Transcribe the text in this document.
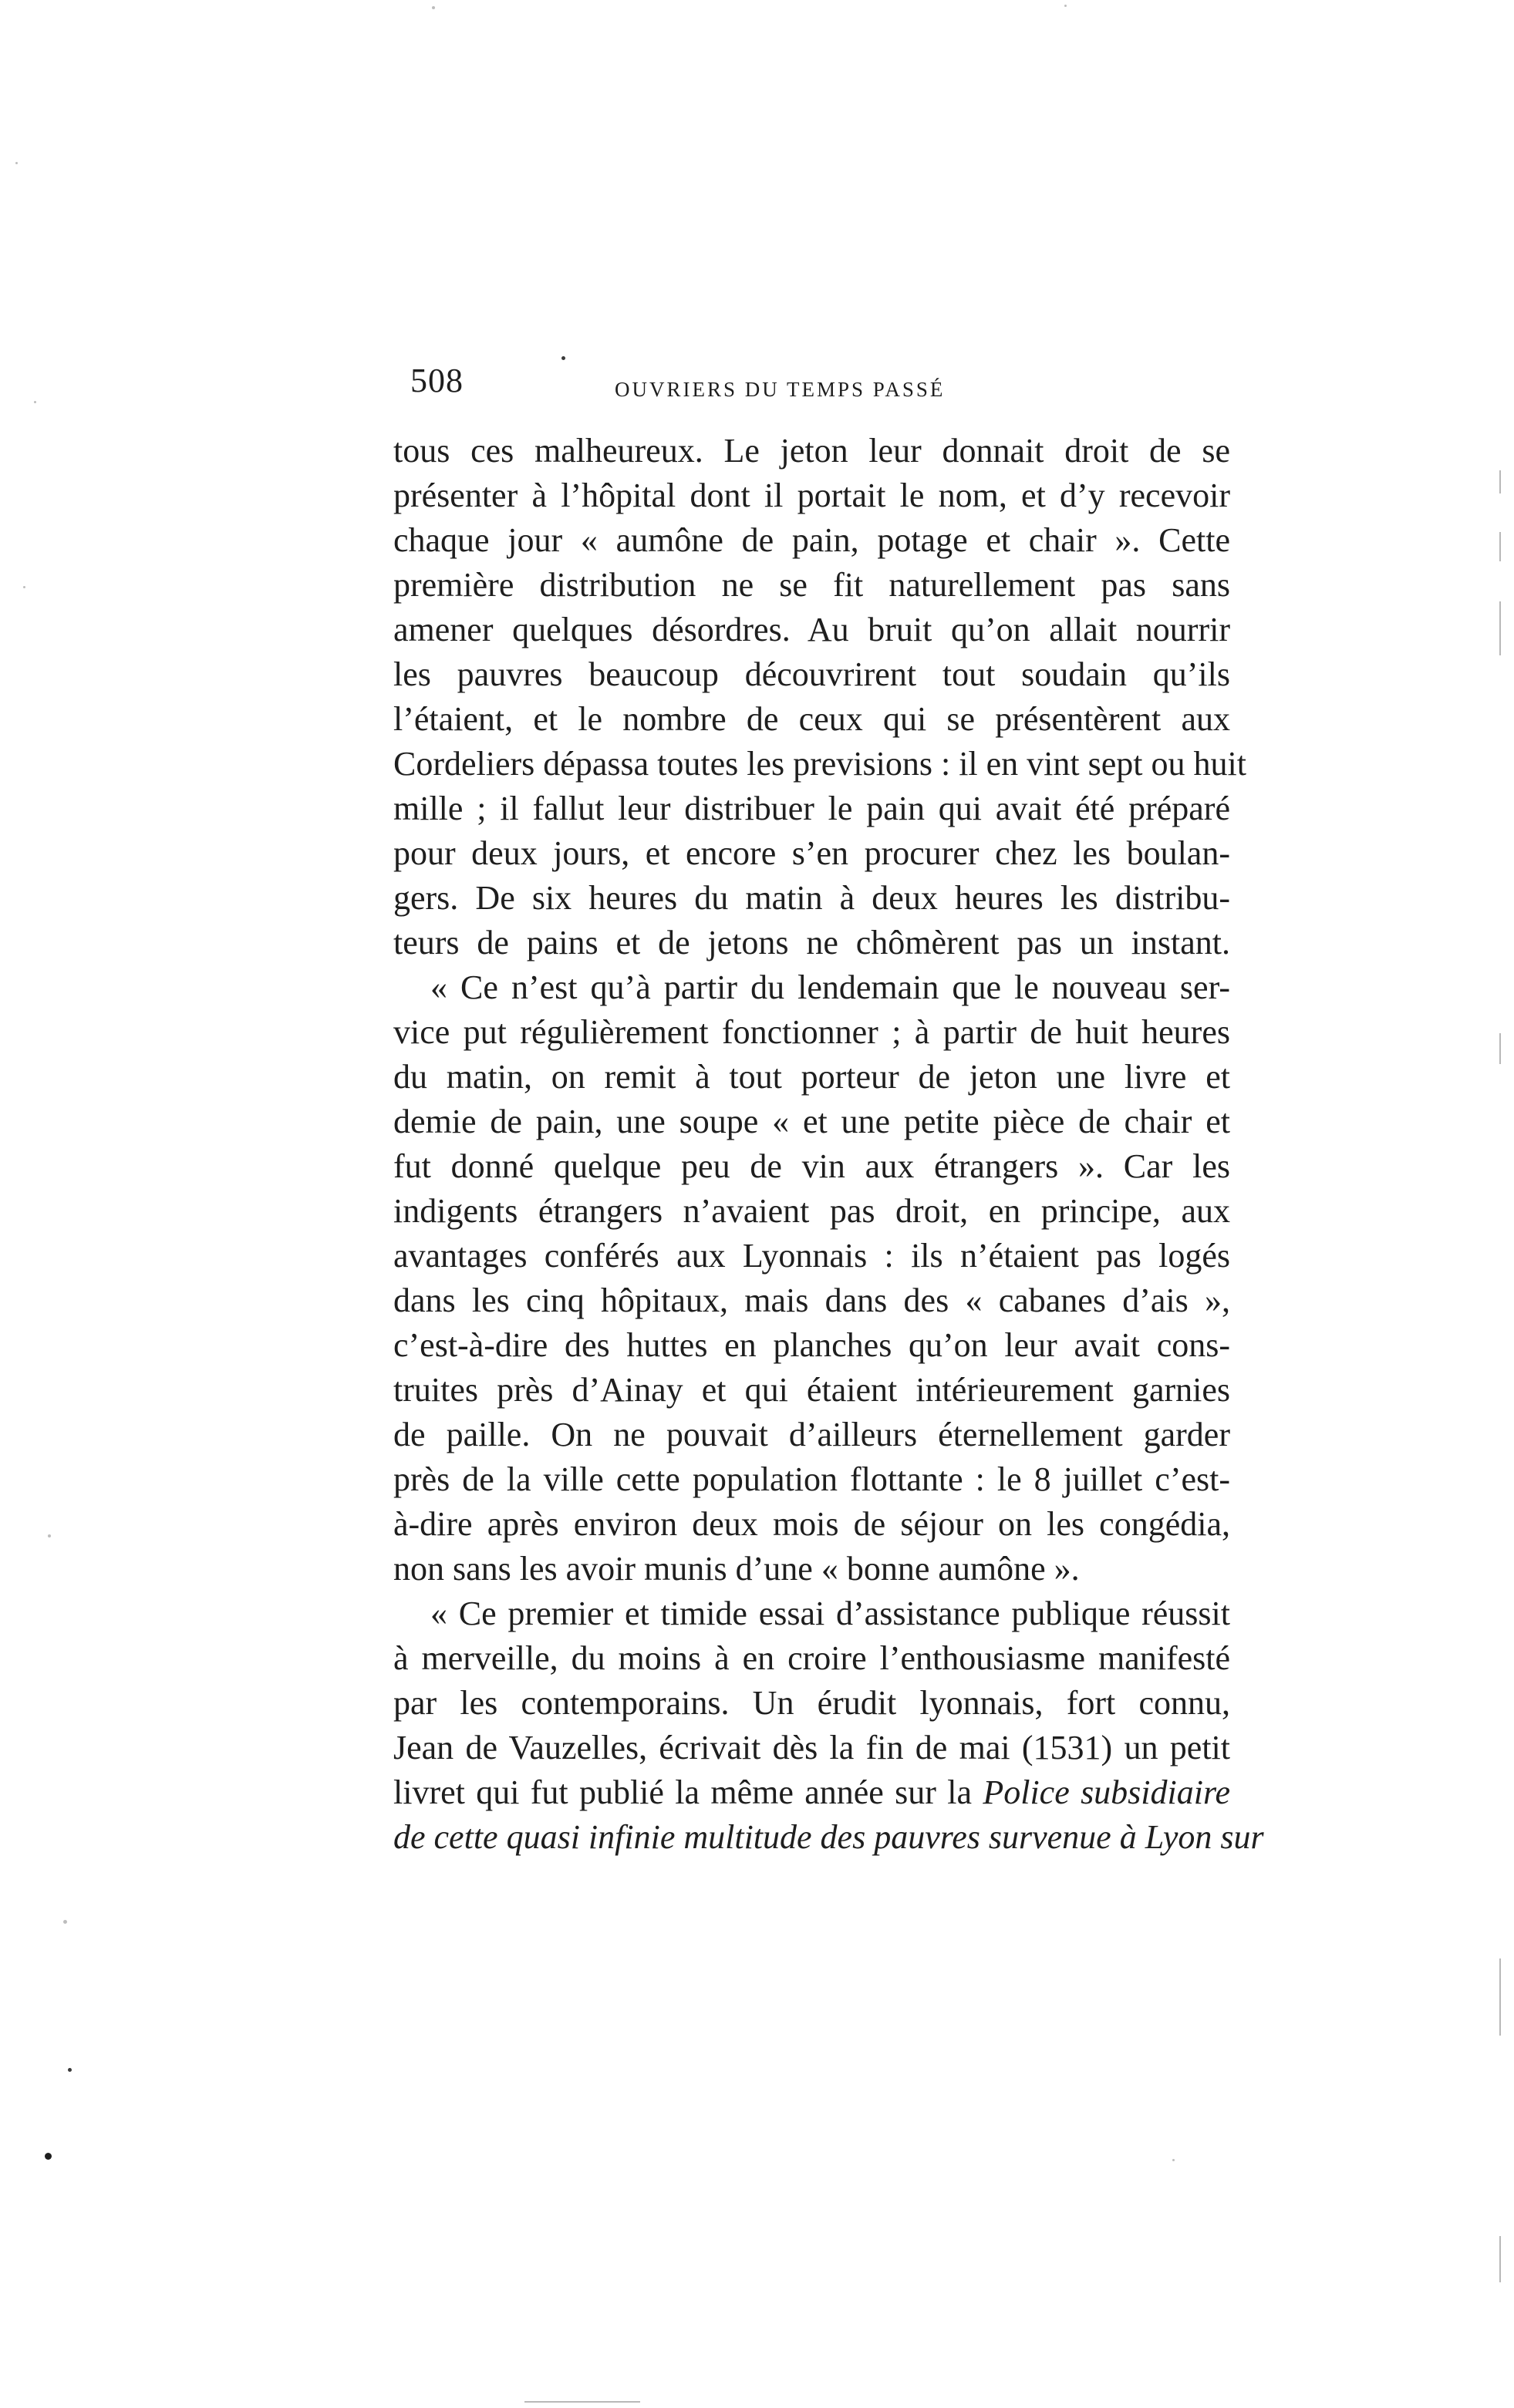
508	OUVRIERS DU TEMPS PASSÉ
tous ces malheureux. Le jeton leur donnait droit de se
présenter à l’hôpital dont il portait le nom, et d’y recevoir
chaque jour « aumône de pain, potage et chair ». Cette
première distribution ne se fit naturellement pas sans
amener quelques désordres. Au bruit qu’on allait nourrir
les pauvres beaucoup découvrirent tout soudain qu’ils
l’étaient, et le nombre de ceux qui se présentèrent aux
Cordeliers dépassa toutes les previsions : il en vint sept ou huit
mille ; il fallut leur distribuer le pain qui avait été préparé
pour deux jours, et encore s’en procurer chez les boulan-
gers. De six heures du matin à deux heures les distribu-
teurs de pains et de jetons ne chômèrent pas un instant.
« Ce n’est qu’à partir du lendemain que le nouveau ser-
vice put régulièrement fonctionner ; à partir de huit heures
du matin, on remit à tout porteur de jeton une livre et
demie de pain, une soupe « et une petite pièce de chair et
fut donné quelque peu de vin aux étrangers ». Car les
indigents étrangers n’avaient pas droit, en principe, aux
avantages conférés aux Lyonnais : ils n’étaient pas logés
dans les cinq hôpitaux, mais dans des « cabanes d’ais »,
c’est-à-dire des huttes en planches qu’on leur avait cons-
truites près d’Ainay et qui étaient intérieurement garnies
de paille. On ne pouvait d’ailleurs éternellement garder
près de la ville cette population flottante : le 8 juillet c’est-
à-dire après environ deux mois de séjour on les congédia,
non sans les avoir munis d’une « bonne aumône ».
« Ce premier et timide essai d’assistance publique réussit
à merveille, du moins à en croire l’enthousiasme manifesté
par les contemporains. Un érudit lyonnais, fort connu,
Jean de Vauzelles, écrivait dès la fin de mai (1531) un petit
livret qui fut publié la même année sur la Police subsidiaire
de cette quasi infinie multitude des pauvres survenue à Lyon sur
